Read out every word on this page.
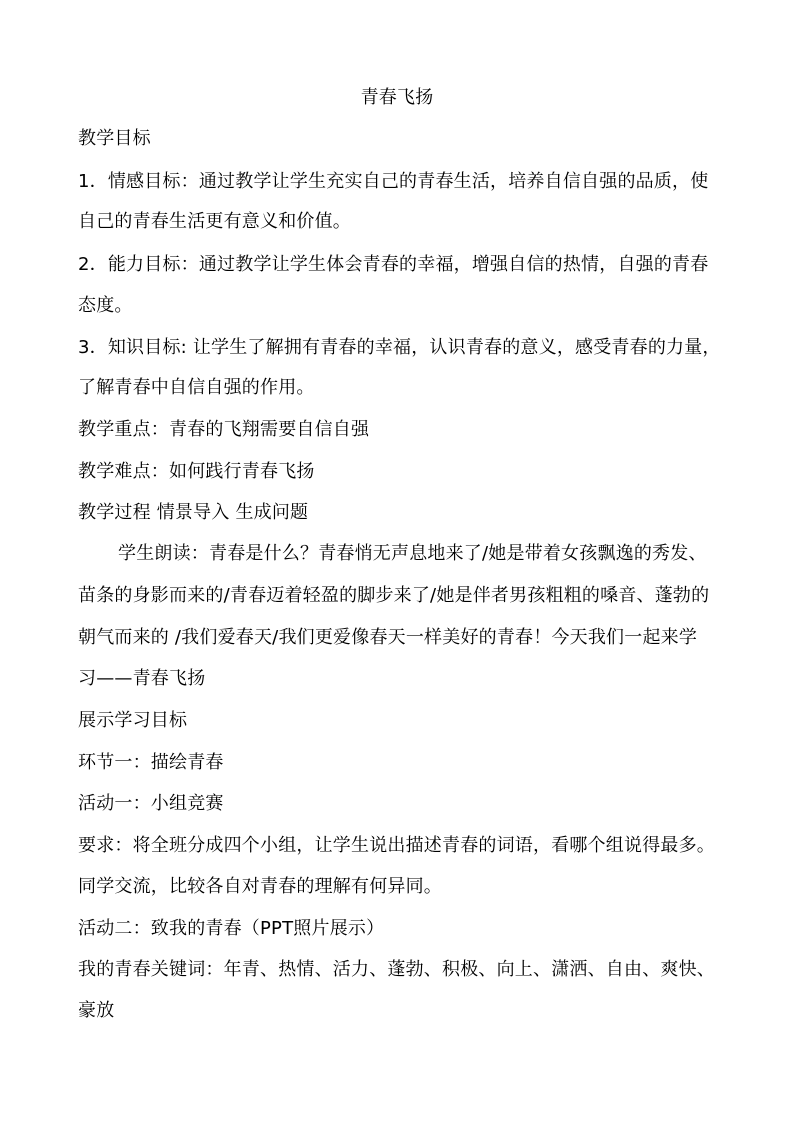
青春飞扬
教学目标
1．情感目标：通过教学让学生充实自己的青春生活，培养自信自强的品质，使
自己的青春生活更有意义和价值。
2．能力目标：通过教学让学生体会青春的幸福，增强自信的热情，自强的青春
态度。
3．知识目标: 让学生了解拥有青春的幸福，认识青春的意义，感受青春的力量，
了解青春中自信自强的作用。
教学重点：青春的飞翔需要自信自强
教学难点：如何践行青春飞扬
教学过程 情景导入 生成问题
学生朗读：青春是什么？青春悄无声息地来了/她是带着女孩飘逸的秀发、
苗条的身影而来的/青春迈着轻盈的脚步来了/她是伴者男孩粗粗的嗓音、蓬勃的
朝气而来的 /我们爱春天/我们更爱像春天一样美好的青春！今天我们一起来学
习——青春飞扬
展示学习目标
环节一：描绘青春
活动一：小组竞赛
要求：将全班分成四个小组，让学生说出描述青春的词语，看哪个组说得最多。
同学交流，比较各自对青春的理解有何异同。
活动二：致我的青春（PPT照片展示）
我的青春关键词：年青、热情、活力、蓬勃、积极、向上、潇洒、自由、爽快、
豪放
